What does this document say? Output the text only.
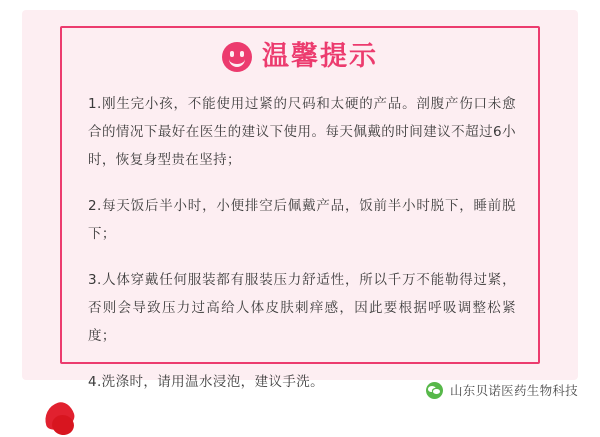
温馨提示

1.刚生完小孩，不能使用过紧的尺码和太硬的产品。剖腹产伤口未愈合的情况下最好在医生的建议下使用。每天佩戴的时间建议不超过6小时，恢复身型贵在坚持；

2.每天饭后半小时，小便排空后佩戴产品，饭前半小时脱下，睡前脱下；

3.人体穿戴任何服装都有服装压力舒适性，所以千万不能勒得过紧，否则会导致压力过高给人体皮肤刺痒感，因此要根据呼吸调整松紧度；

4.洗涤时，请用温水浸泡，建议手洗。

山东贝诺医药生物科技
